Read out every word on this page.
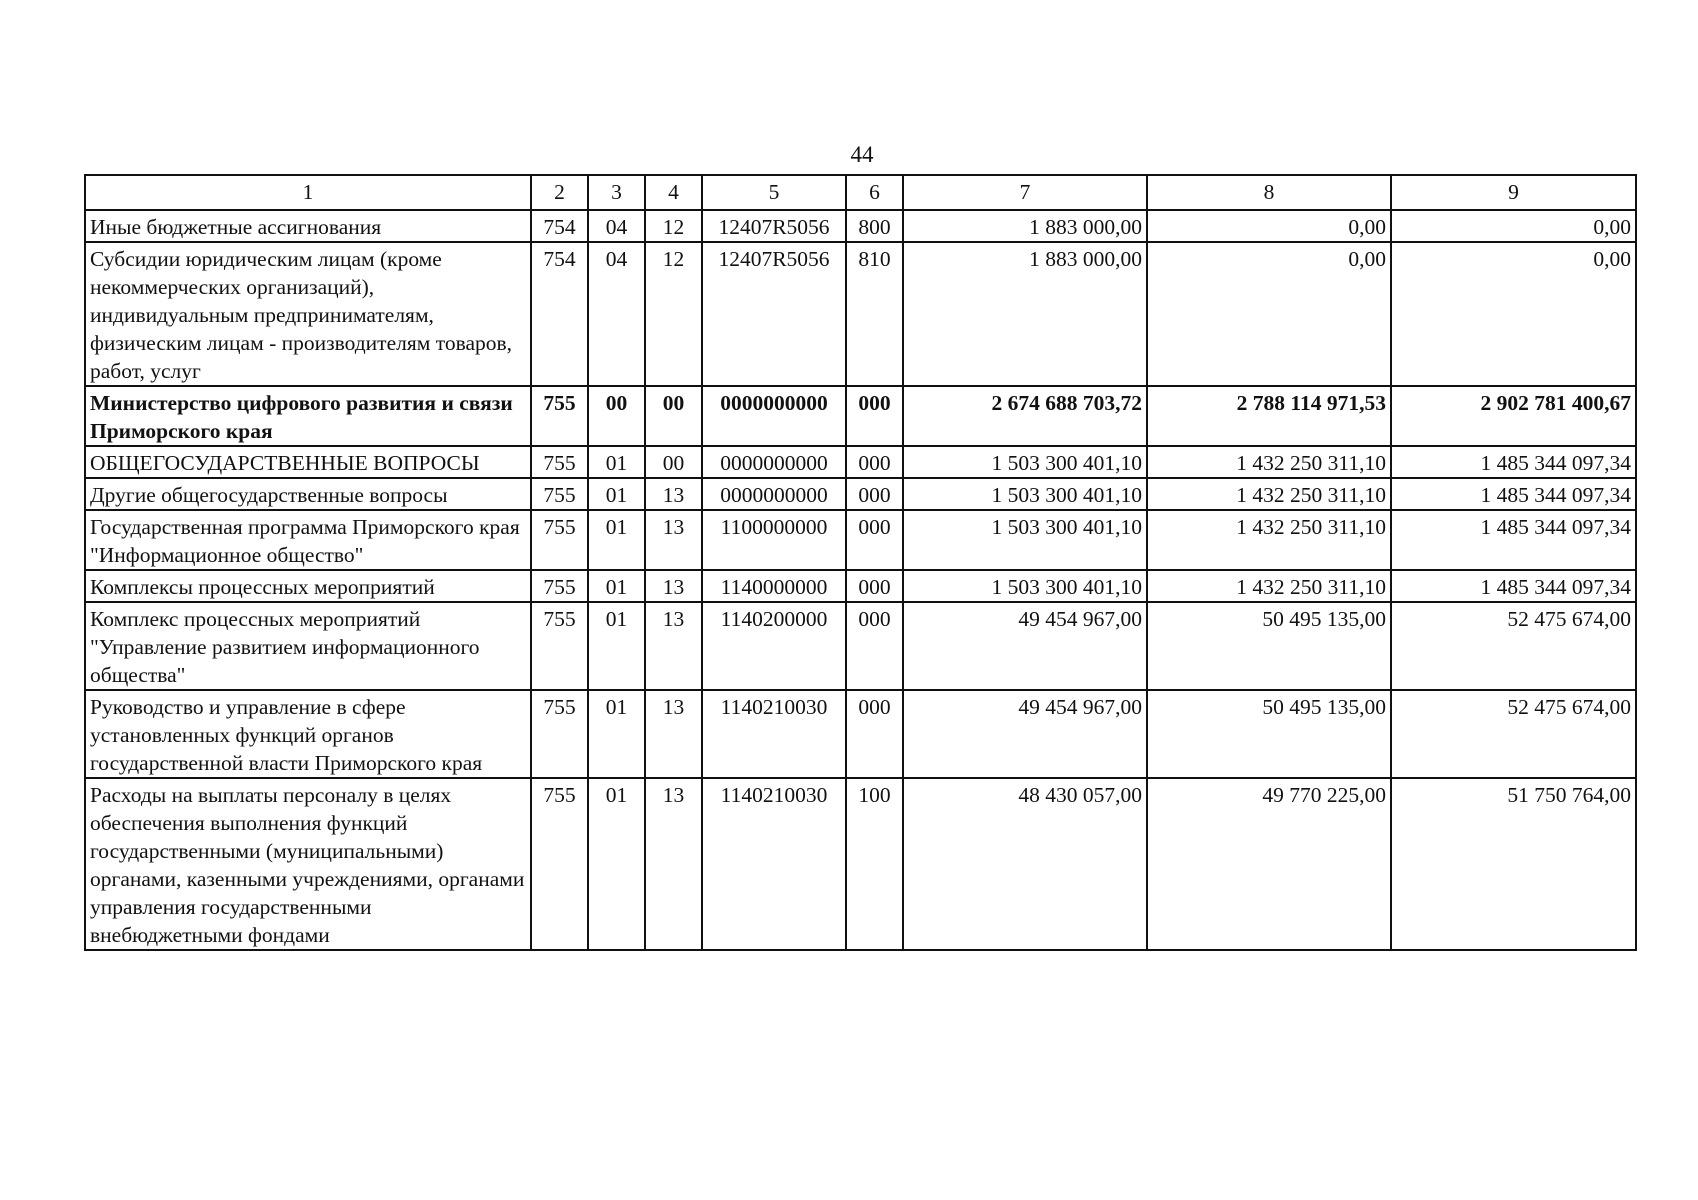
44
1	2	3	4	5	6	7	8	9
Иные бюджетные ассигнования	754	04	12	12407R5056	800	1 883 000,00	0,00	0,00
Субсидии юридическим лицам (кроме некоммерческих организаций), индивидуальным предпринимателям, физическим лицам - производителям товаров, работ, услуг	754	04	12	12407R5056	810	1 883 000,00	0,00	0,00
Министерство цифрового развития и связи Приморского края	755	00	00	0000000000	000	2 674 688 703,72	2 788 114 971,53	2 902 781 400,67
ОБЩЕГОСУДАРСТВЕННЫЕ ВОПРОСЫ	755	01	00	0000000000	000	1 503 300 401,10	1 432 250 311,10	1 485 344 097,34
Другие общегосударственные вопросы	755	01	13	0000000000	000	1 503 300 401,10	1 432 250 311,10	1 485 344 097,34
Государственная программа Приморского края "Информационное общество"	755	01	13	1100000000	000	1 503 300 401,10	1 432 250 311,10	1 485 344 097,34
Комплексы процессных мероприятий	755	01	13	1140000000	000	1 503 300 401,10	1 432 250 311,10	1 485 344 097,34
Комплекс процессных мероприятий "Управление развитием информационного общества"	755	01	13	1140200000	000	49 454 967,00	50 495 135,00	52 475 674,00
Руководство и управление в сфере установленных функций органов государственной власти Приморского края	755	01	13	1140210030	000	49 454 967,00	50 495 135,00	52 475 674,00
Расходы на выплаты персоналу в целях обеспечения выполнения функций государственными (муниципальными) органами, казенными учреждениями, органами управления государственными внебюджетными фондами	755	01	13	1140210030	100	48 430 057,00	49 770 225,00	51 750 764,00
